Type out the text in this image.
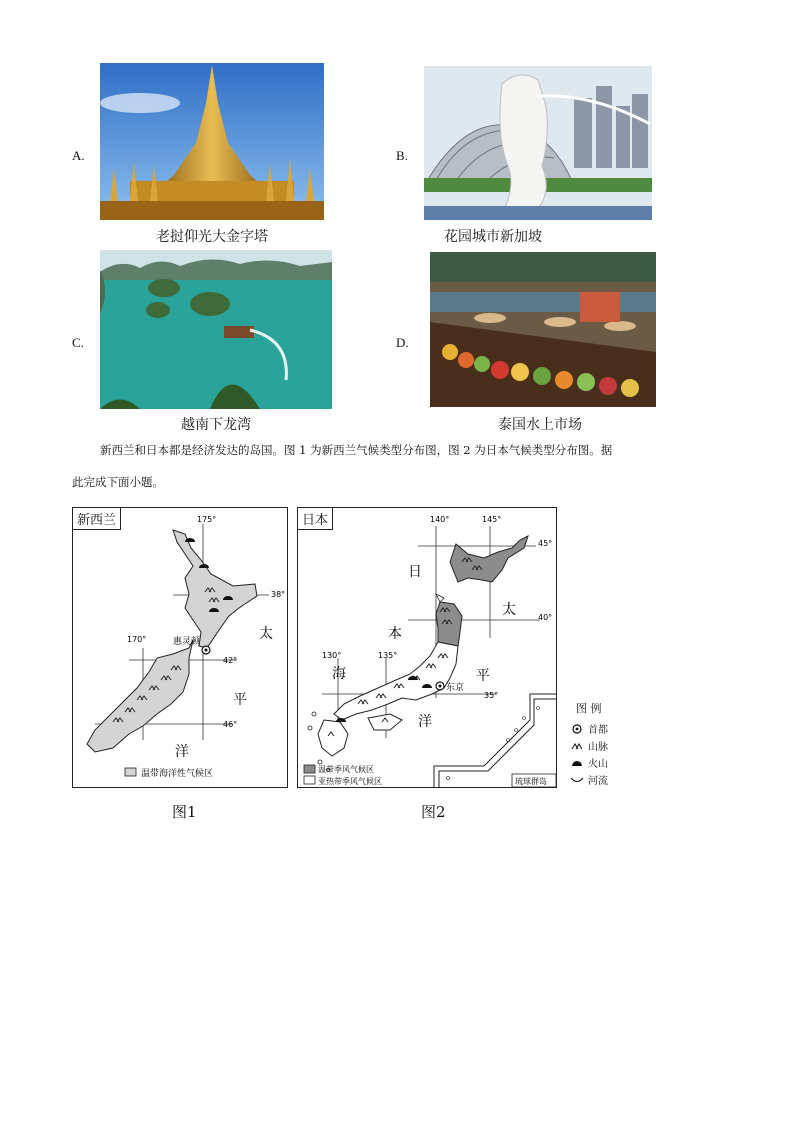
A.
老挝仰光大金字塔
B.
花园城市新加坡
C.
越南下龙湾
D.
泰国水上市场
新西兰和日本都是经济发达的岛国。图 1 为新西兰气候类型分布图，图 2 为日本气候类型分布图。据
此完成下面小题。
175°
170°
38°
42°
46°
惠灵顿	太
平
洋
温带海洋性气候区
新西兰
图1
140°	145°
45°
40°
35°
130°	135°
日
本
海
太
平
洋
东京
温带季风气候区
亚热带季风气候区	琉球群岛
日本
图2
图 例
首都
山脉
火山
河流
